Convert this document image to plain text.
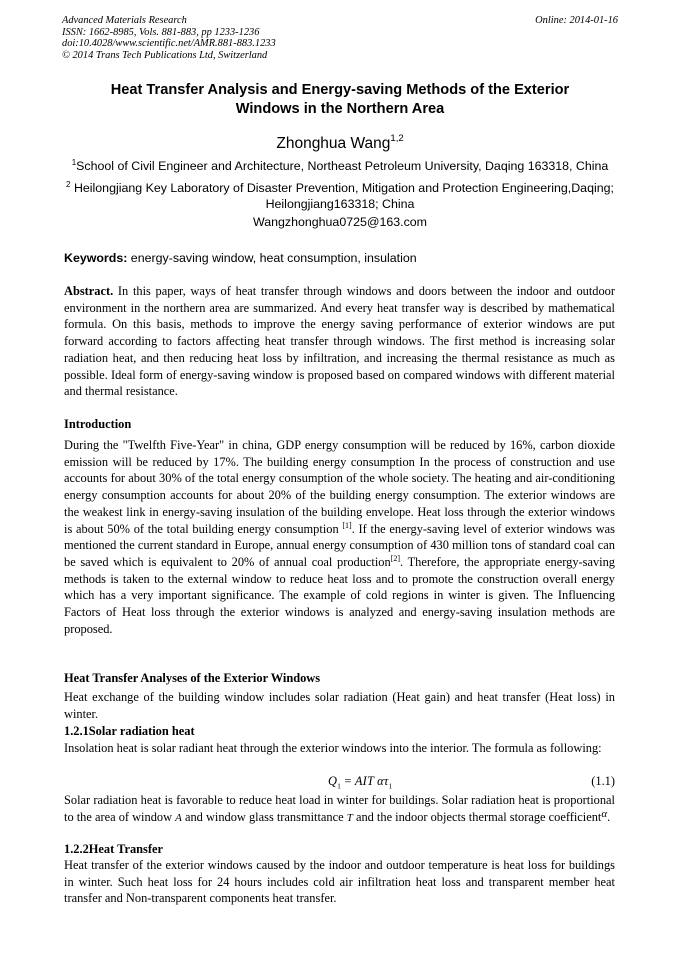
Advanced Materials Research
ISSN: 1662-8985, Vols. 881-883, pp 1233-1236
doi:10.4028/www.scientific.net/AMR.881-883.1233
© 2014 Trans Tech Publications Ltd, Switzerland
Online: 2014-01-16
Heat Transfer Analysis and Energy-saving Methods of the Exterior
Windows in the Northern Area
Zhonghua Wang$^{1,2}$
$^1$School of Civil Engineer and Architecture, Northeast Petroleum University, Daqing 163318, China
$^2$ Heilongjiang Key Laboratory of Disaster Prevention, Mitigation and Protection Engineering,Daqing;
Heilongjiang163318; China
Wangzhonghua0725@163.com
Keywords: energy-saving window, heat consumption, insulation
Abstract. In this paper, ways of heat transfer through windows and doors between the indoor and outdoor environment in the northern area are summarized. And every heat transfer way is described by mathematical formula. On this basis, methods to improve the energy saving performance of exterior windows are put forward according to factors affecting heat transfer through windows. The first method is increasing solar radiation heat, and then reducing heat loss by infiltration, and increasing the thermal resistance as much as possible. Ideal form of energy-saving window is proposed based on compared windows with different material and thermal resistance.
Introduction
During the "Twelfth Five-Year" in china, GDP energy consumption will be reduced by 16%, carbon dioxide emission will be reduced by 17%. The building energy consumption In the process of construction and use accounts for about 30% of the total energy consumption of the whole society. The heating and air-conditioning energy consumption accounts for about 20% of the building energy consumption. The exterior windows are the weakest link in energy-saving insulation of the building envelope. Heat loss through the exterior windows is about 50% of the total building energy consumption [1]. If the energy-saving level of exterior windows was mentioned the current standard in Europe, annual energy consumption of 430 million tons of standard coal can be saved which is equivalent to 20% of annual coal production[2]. Therefore, the appropriate energy-saving methods is taken to the external window to reduce heat loss and to promote the construction overall energy which has a very important significance. The example of cold regions in winter is given. The Influencing Factors of Heat loss through the exterior windows is analyzed and energy-saving insulation methods are proposed.
Heat Transfer Analyses of the Exterior Windows
Heat exchange of the building window includes solar radiation (Heat gain) and heat transfer (Heat loss) in winter.
1.2.1Solar radiation heat
Insolation heat is solar radiant heat through the exterior windows into the interior. The formula as following:
$Q_1$ = AIT $\alpha\tau_1$	(1.1)
Solar radiation heat is favorable to reduce heat load in winter for buildings. Solar radiation heat is proportional to the area of window A and window glass transmittance T and the indoor objects thermal storage coefficientα.
1.2.2Heat Transfer
Heat transfer of the exterior windows caused by the indoor and outdoor temperature is heat loss for buildings in winter. Such heat loss for 24 hours includes cold air infiltration heat loss and transparent member heat transfer and Non-transparent components heat transfer.
